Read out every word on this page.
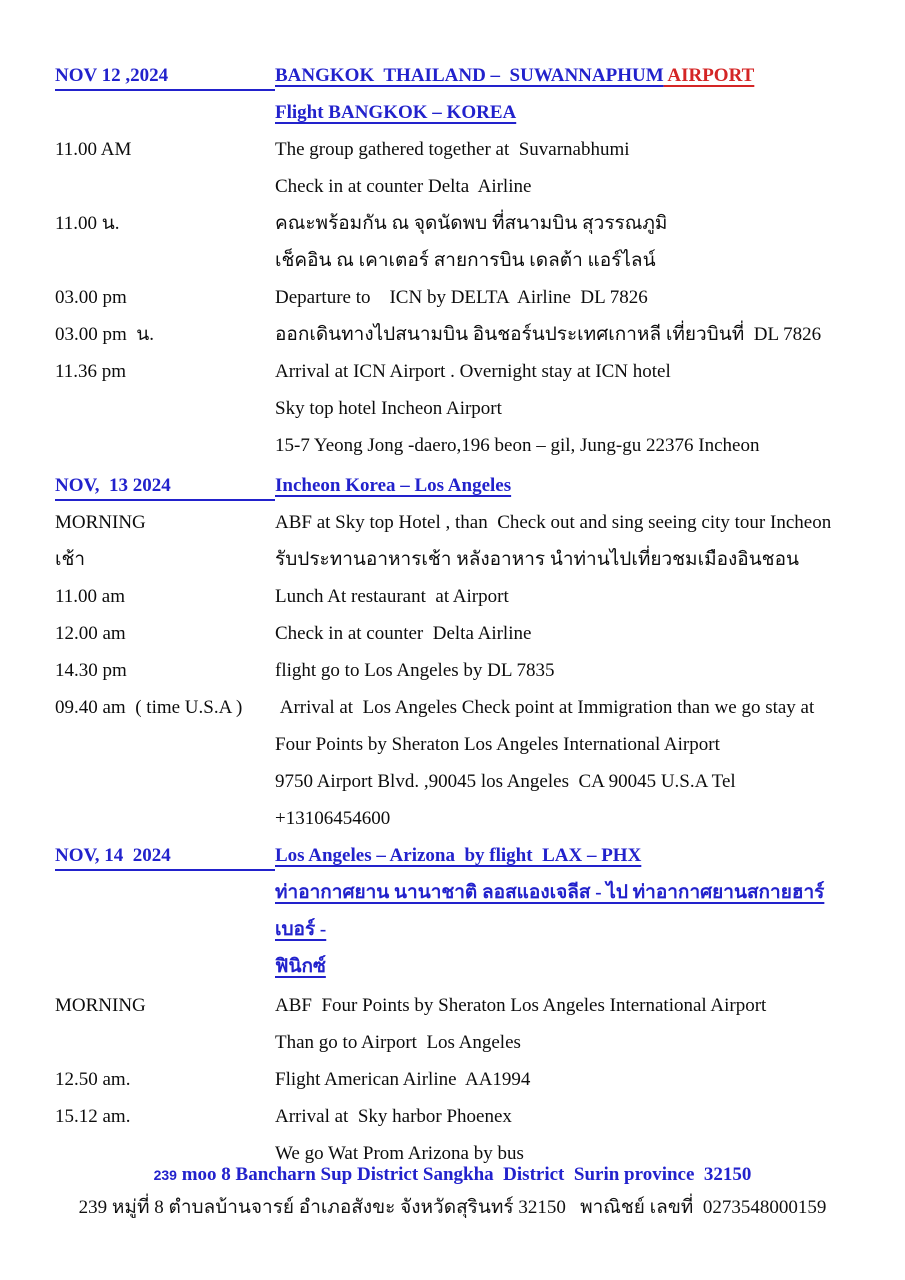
NOV 12 ,2024	BANGKOK  THAILAND –  SUWANNAPHUM AIRPORT
Flight BANGKOK – KOREA
11.00 AM	The group gathered together at  Suvarnabhumi
Check in at counter Delta  Airline
11.00 น.	คณะพร้อมกัน ณ จุดนัดพบ ที่สนามบิน สุวรรณภูมิ
เช็คอิน ณ เคาเตอร์ สายการบิน เดลต้า แอร์ไลน์
03.00 pm	Departure to    ICN by DELTA  Airline  DL 7826
03.00 pm  น.	ออกเดินทางไปสนามบิน อินชอร์นประเทศเกาหลี เที่ยวบินที่  DL 7826
11.36 pm	Arrival at ICN Airport . Overnight stay at ICN hotel
Sky top hotel Incheon Airport
15-7 Yeong Jong -daero,196 beon – gil, Jung-gu 22376 Incheon
NOV,  13 2024	Incheon Korea – Los Angeles
MORNING	ABF at Sky top Hotel , than  Check out and sing seeing city tour Incheon
เช้า	รับประทานอาหารเช้า หลังอาหาร นำท่านไปเที่ยวชมเมืองอินชอน
11.00 am	Lunch At restaurant  at Airport
12.00 am	Check in at counter  Delta Airline
14.30 pm	flight go to Los Angeles by DL 7835
09.40 am  ( time U.S.A )	Arrival at  Los Angeles Check point at Immigration than we go stay at
Four Points by Sheraton Los Angeles International Airport
9750 Airport Blvd. ,90045 los Angeles  CA 90045 U.S.A Tel +13106454600
NOV, 14  2024	Los Angeles – Arizona  by flight  LAX – PHX
ท่าอากาศยาน นานาชาติ ลอสแองเจลีส - ไป ท่าอากาศยานสกายฮาร์เบอร์ -
ฟินิกซ์
MORNING	ABF  Four Points by Sheraton Los Angeles International Airport
Than go to Airport  Los Angeles
12.50 am.	Flight American Airline  AA1994
15.12 am.	Arrival at  Sky harbor Phoenex
We go Wat Prom Arizona by bus
239 moo 8 Bancharn Sup District Sangkha  District  Surin province  32150
239 หมู่ที่ 8 ตำบลบ้านจารย์ อำเภอสังขะ จังหวัดสุรินทร์ 32150   พาณิชย์ เลขที่  0273548000159
